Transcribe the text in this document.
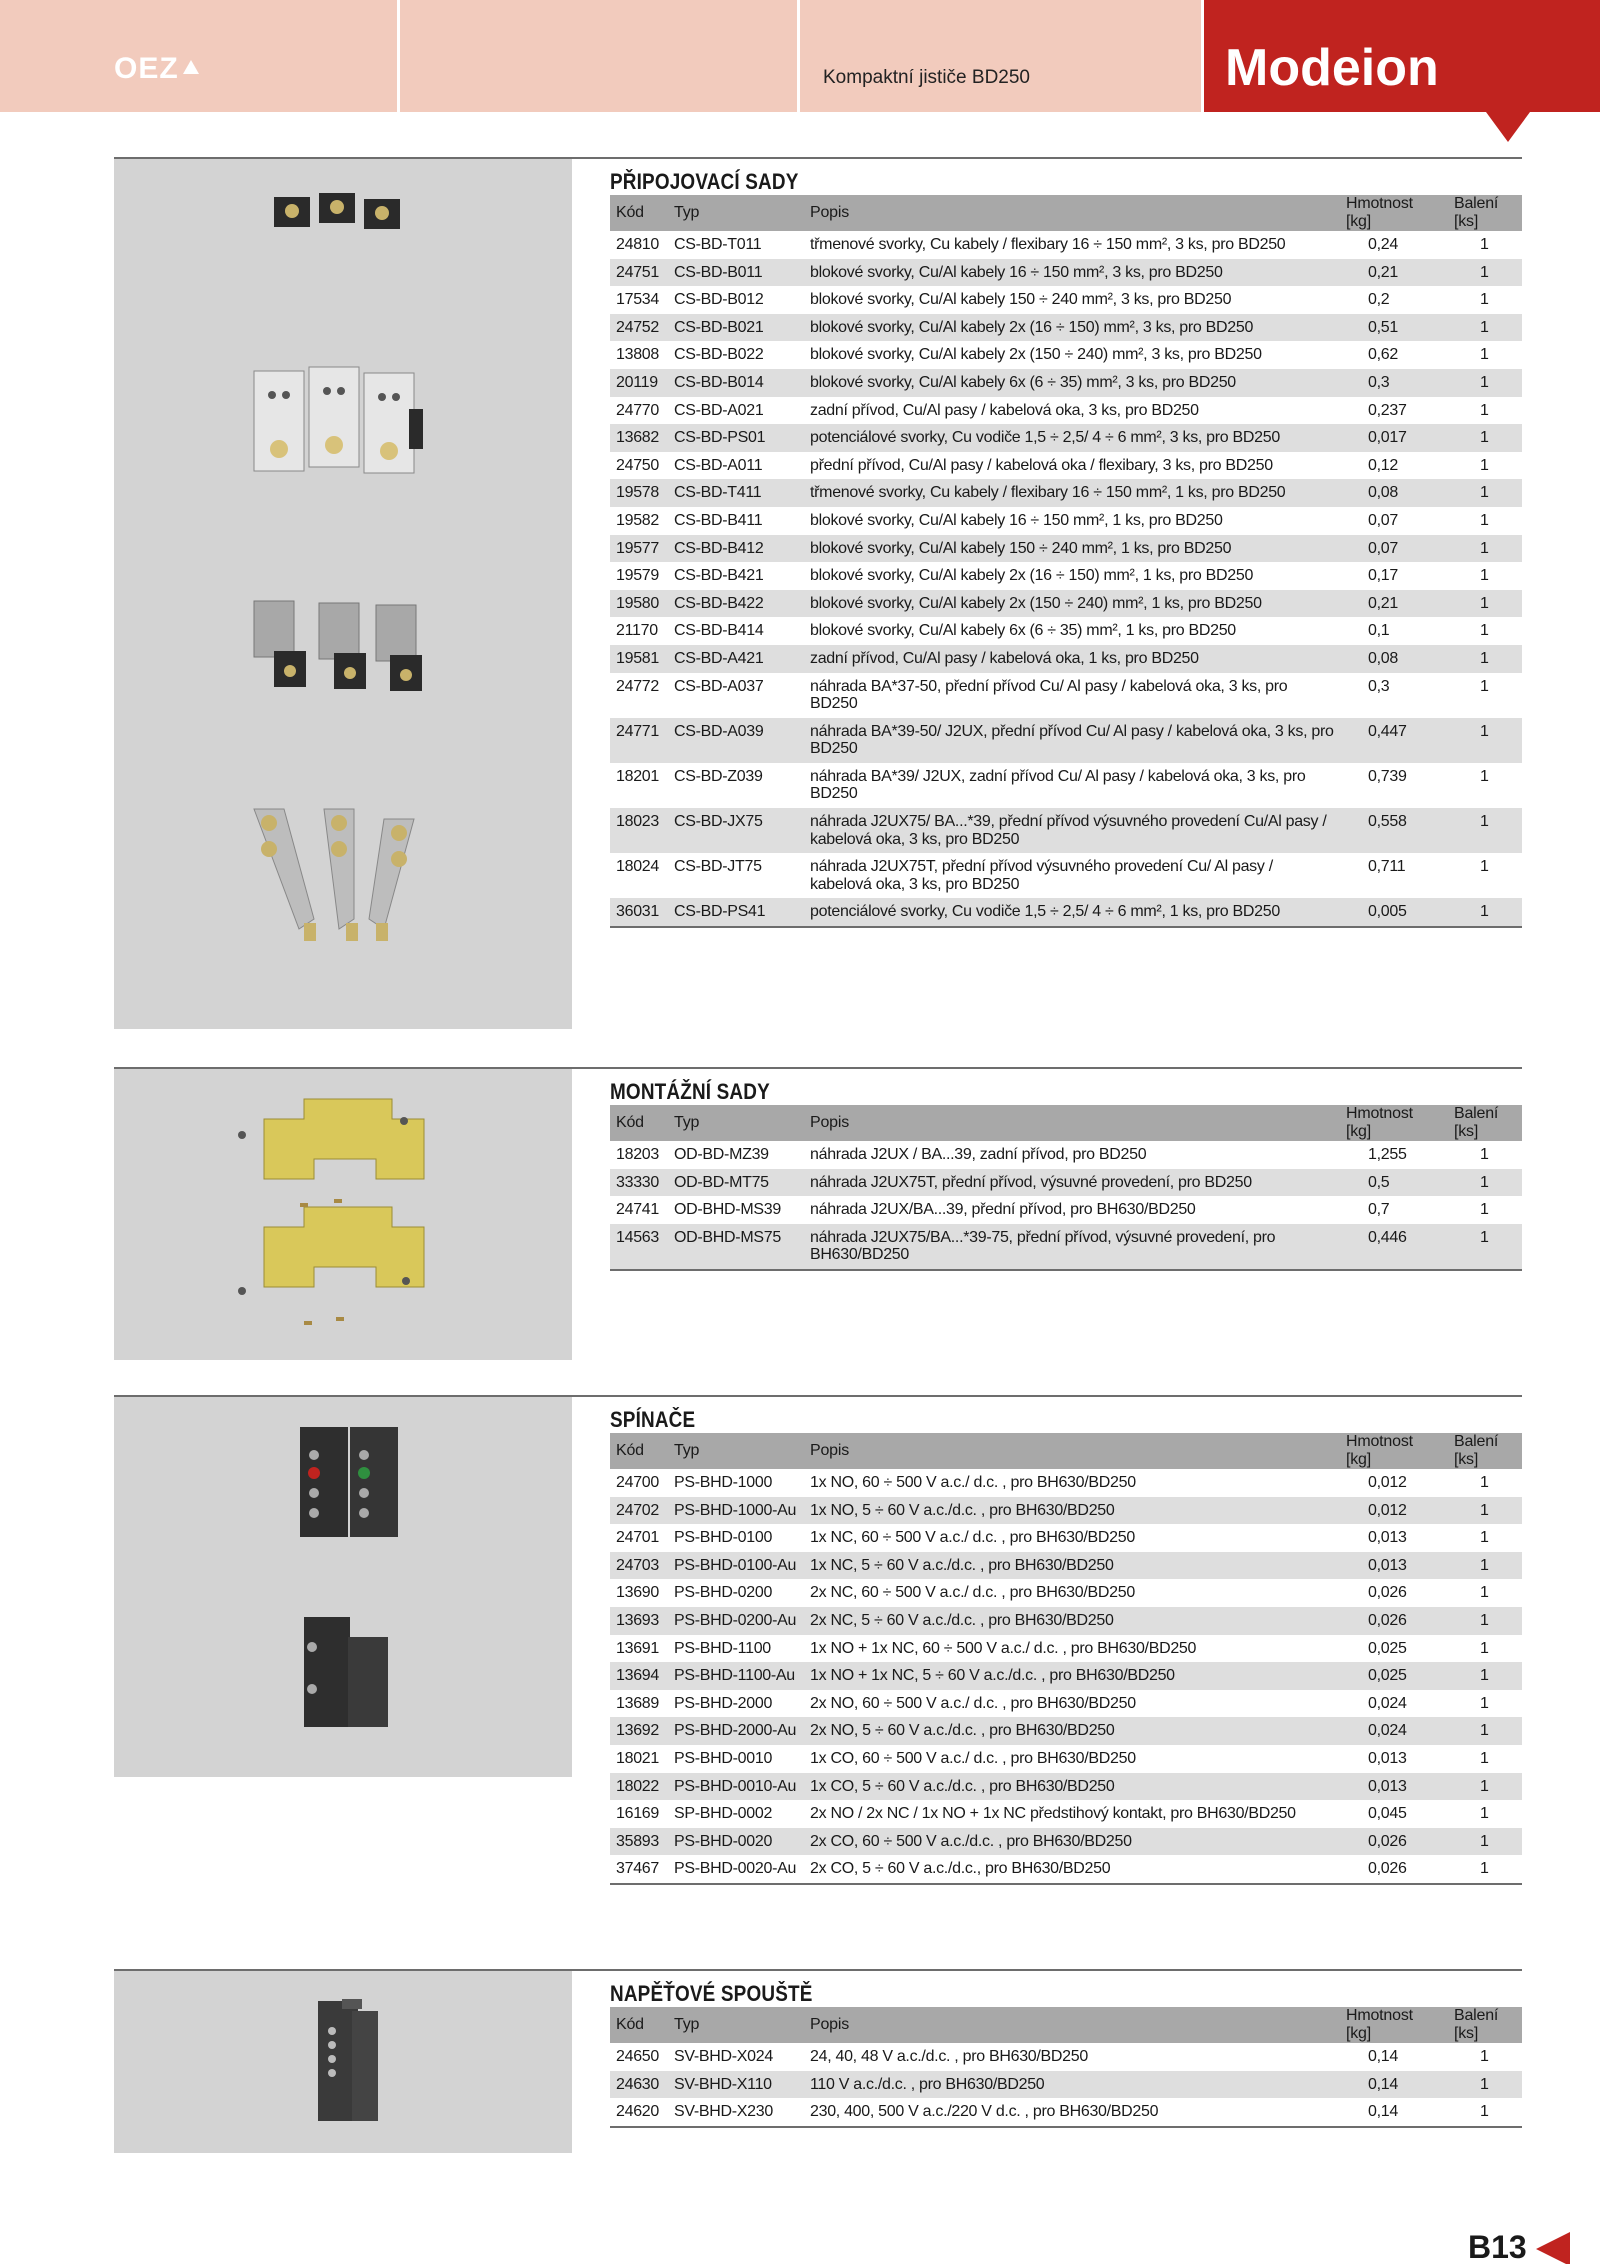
OEZ	Kompaktní jističe BD250	Modeion
PŘIPOJOVACÍ SADY
Kód	Typ	Popis	Hmotnost [kg]	Balení [ks]
24810	CS-BD-T011	třmenové svorky, Cu kabely / flexibary 16 ÷ 150 mm², 3 ks, pro BD250	0,24	1
24751	CS-BD-B011	blokové svorky, Cu/Al kabely 16 ÷ 150 mm², 3 ks, pro BD250	0,21	1
17534	CS-BD-B012	blokové svorky, Cu/Al kabely 150 ÷ 240 mm², 3 ks, pro BD250	0,2	1
24752	CS-BD-B021	blokové svorky, Cu/Al kabely 2x (16 ÷ 150) mm², 3 ks, pro BD250	0,51	1
13808	CS-BD-B022	blokové svorky, Cu/Al kabely 2x (150 ÷ 240) mm², 3 ks, pro BD250	0,62	1
20119	CS-BD-B014	blokové svorky, Cu/Al kabely 6x (6 ÷ 35) mm², 3 ks, pro BD250	0,3	1
24770	CS-BD-A021	zadní přívod, Cu/Al pasy / kabelová oka, 3 ks, pro BD250	0,237	1
13682	CS-BD-PS01	potenciálové svorky, Cu vodiče 1,5 ÷ 2,5/ 4 ÷ 6 mm², 3 ks, pro BD250	0,017	1
24750	CS-BD-A011	přední přívod, Cu/Al pasy / kabelová oka / flexibary, 3 ks, pro BD250	0,12	1
19578	CS-BD-T411	třmenové svorky, Cu kabely / flexibary 16 ÷ 150 mm², 1 ks, pro BD250	0,08	1
19582	CS-BD-B411	blokové svorky, Cu/Al kabely 16 ÷ 150 mm², 1 ks, pro BD250	0,07	1
19577	CS-BD-B412	blokové svorky, Cu/Al kabely 150 ÷ 240 mm², 1 ks, pro BD250	0,07	1
19579	CS-BD-B421	blokové svorky, Cu/Al kabely 2x (16 ÷ 150) mm², 1 ks, pro BD250	0,17	1
19580	CS-BD-B422	blokové svorky, Cu/Al kabely 2x (150 ÷ 240) mm², 1 ks, pro BD250	0,21	1
21170	CS-BD-B414	blokové svorky, Cu/Al kabely 6x (6 ÷ 35) mm², 1 ks, pro BD250	0,1	1
19581	CS-BD-A421	zadní přívod, Cu/Al pasy / kabelová oka, 1 ks, pro BD250	0,08	1
24772	CS-BD-A037	náhrada BA*37-50, přední přívod Cu/ Al pasy / kabelová oka, 3 ks, pro BD250	0,3	1
24771	CS-BD-A039	náhrada BA*39-50/ J2UX, přední přívod Cu/ Al pasy / kabelová oka, 3 ks, pro BD250	0,447	1
18201	CS-BD-Z039	náhrada BA*39/ J2UX, zadní přívod Cu/ Al pasy / kabelová oka, 3 ks, pro BD250	0,739	1
18023	CS-BD-JX75	náhrada J2UX75/ BA...*39, přední přívod výsuvného provedení Cu/Al pasy / kabelová oka, 3 ks, pro BD250	0,558	1
18024	CS-BD-JT75	náhrada J2UX75T, přední přívod výsuvného provedení Cu/ Al pasy / kabelová oka, 3 ks, pro BD250	0,711	1
36031	CS-BD-PS41	potenciálové svorky, Cu vodiče 1,5 ÷ 2,5/ 4 ÷ 6 mm², 1 ks, pro BD250	0,005	1
MONTÁŽNÍ SADY
Kód	Typ	Popis	Hmotnost [kg]	Balení [ks]
18203	OD-BD-MZ39	náhrada J2UX / BA...39, zadní přívod, pro BD250	1,255	1
33330	OD-BD-MT75	náhrada J2UX75T, přední přívod, výsuvné provedení, pro BD250	0,5	1
24741	OD-BHD-MS39	náhrada J2UX/BA...39, přední přívod, pro BH630/BD250	0,7	1
14563	OD-BHD-MS75	náhrada J2UX75/BA...*39-75, přední přívod, výsuvné provedení, pro BH630/BD250	0,446	1
SPÍNAČE
Kód	Typ	Popis	Hmotnost [kg]	Balení [ks]
24700	PS-BHD-1000	1x NO, 60 ÷ 500 V a.c./ d.c. , pro BH630/BD250	0,012	1
24702	PS-BHD-1000-Au	1x NO, 5 ÷ 60 V a.c./d.c. , pro BH630/BD250	0,012	1
24701	PS-BHD-0100	1x NC, 60 ÷ 500 V a.c./ d.c. , pro BH630/BD250	0,013	1
24703	PS-BHD-0100-Au	1x NC, 5 ÷ 60 V a.c./d.c. , pro BH630/BD250	0,013	1
13690	PS-BHD-0200	2x NC, 60 ÷ 500 V a.c./ d.c. , pro BH630/BD250	0,026	1
13693	PS-BHD-0200-Au	2x NC, 5 ÷ 60 V a.c./d.c. , pro BH630/BD250	0,026	1
13691	PS-BHD-1100	1x NO + 1x NC, 60 ÷ 500 V a.c./ d.c. , pro BH630/BD250	0,025	1
13694	PS-BHD-1100-Au	1x NO + 1x NC, 5 ÷ 60 V a.c./d.c. , pro BH630/BD250	0,025	1
13689	PS-BHD-2000	2x NO, 60 ÷ 500 V a.c./ d.c. , pro BH630/BD250	0,024	1
13692	PS-BHD-2000-Au	2x NO, 5 ÷ 60 V a.c./d.c. , pro BH630/BD250	0,024	1
18021	PS-BHD-0010	1x CO, 60 ÷ 500 V a.c./ d.c. , pro BH630/BD250	0,013	1
18022	PS-BHD-0010-Au	1x CO, 5 ÷ 60 V a.c./d.c. , pro BH630/BD250	0,013	1
16169	SP-BHD-0002	2x NO / 2x NC / 1x NO + 1x NC předstihový kontakt, pro BH630/BD250	0,045	1
35893	PS-BHD-0020	2x CO, 60 ÷ 500 V a.c./d.c. , pro BH630/BD250	0,026	1
37467	PS-BHD-0020-Au	2x CO, 5 ÷ 60 V a.c./d.c., pro BH630/BD250	0,026	1
NAPĚŤOVÉ SPOUŠTĚ
Kód	Typ	Popis	Hmotnost [kg]	Balení [ks]
24650	SV-BHD-X024	24, 40, 48 V a.c./d.c. , pro BH630/BD250	0,14	1
24630	SV-BHD-X110	110 V a.c./d.c. , pro BH630/BD250	0,14	1
24620	SV-BHD-X230	230, 400, 500 V a.c./220 V d.c. , pro BH630/BD250	0,14	1
B13
